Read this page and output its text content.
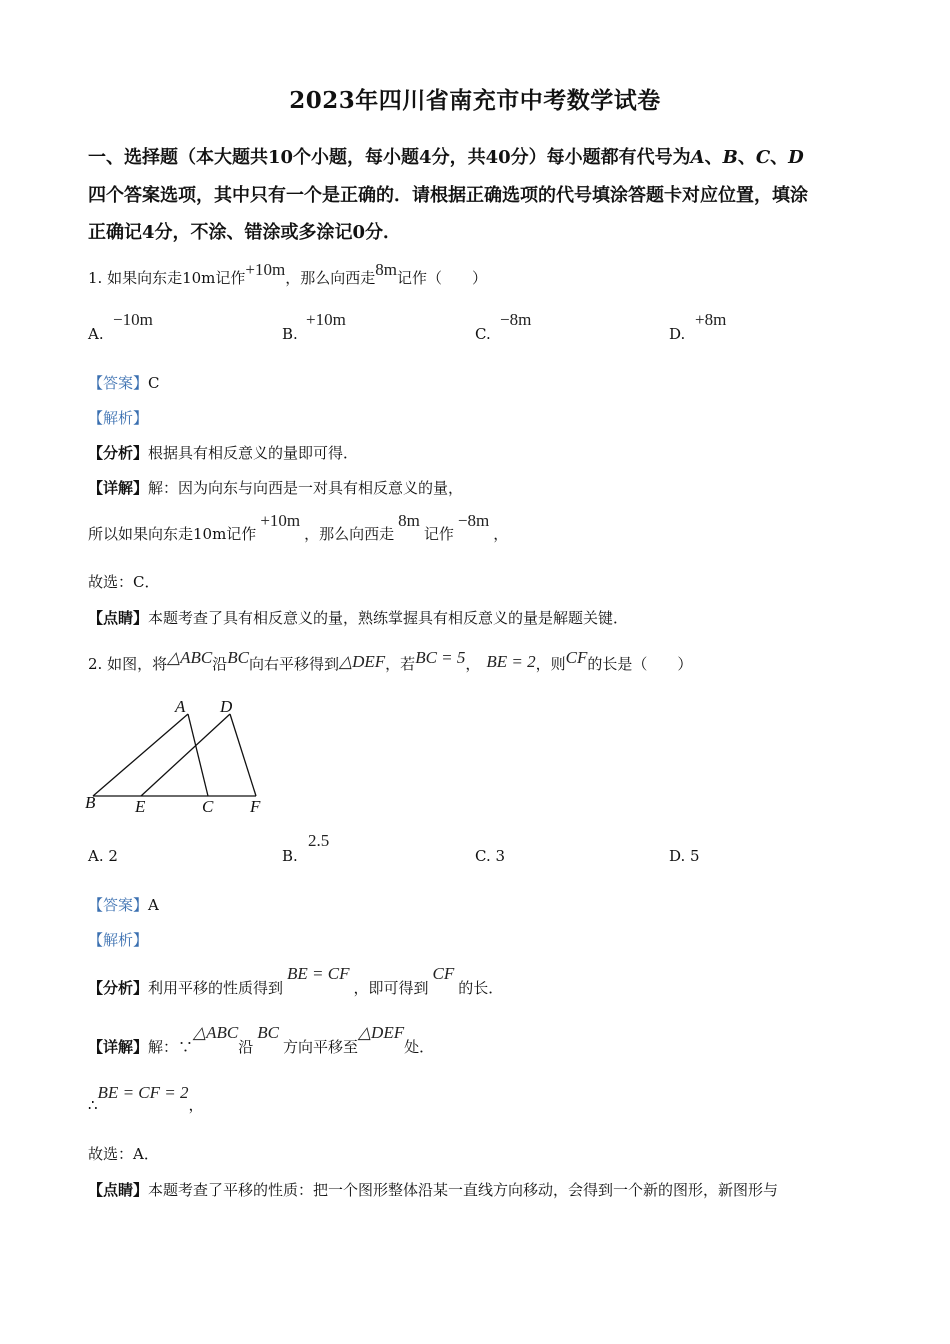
2023年四川省南充市中考数学试卷
一、选择题（本大题共10个小题，每小题4分，共40分）每小题都有代号为A、B、C、D
四个答案选项，其中只有一个是正确的．请根据正确选项的代号填涂答题卡对应位置，填涂
正确记4分，不涂、错涂或多涂记0分．
1. 如果向东走10m记作+10m，那么向西走8m记作（　　）
A.
−10m
B.
+10m
C.
−8m
D.
+8m
【答案】C
【解析】
【分析】根据具有相反意义的量即可得．
【详解】解：因为向东与向西是一对具有相反意义的量，
所以如果向东走10m记作+10m，那么向西走8m记作−8m，
故选：C．
【点睛】本题考查了具有相反意义的量，熟练掌握具有相反意义的量是解题关键．
2. 如图，将△ABC沿BC向右平移得到△DEF，若BC = 5， BE = 2，则CF的长是（　　）
A D
B E	C F
A. 2	B.
2.5
C. 3	D. 5
【答案】A
【解析】
【分析】利用平移的性质得到BE = CF，即可得到CF的长．
【详解】解：∵△ABC沿BC方向平移至△DEF处．
∴BE = CF = 2，
故选：A．
【点睛】本题考查了平移的性质：把一个图形整体沿某一直线方向移动，会得到一个新的图形，新图形与
